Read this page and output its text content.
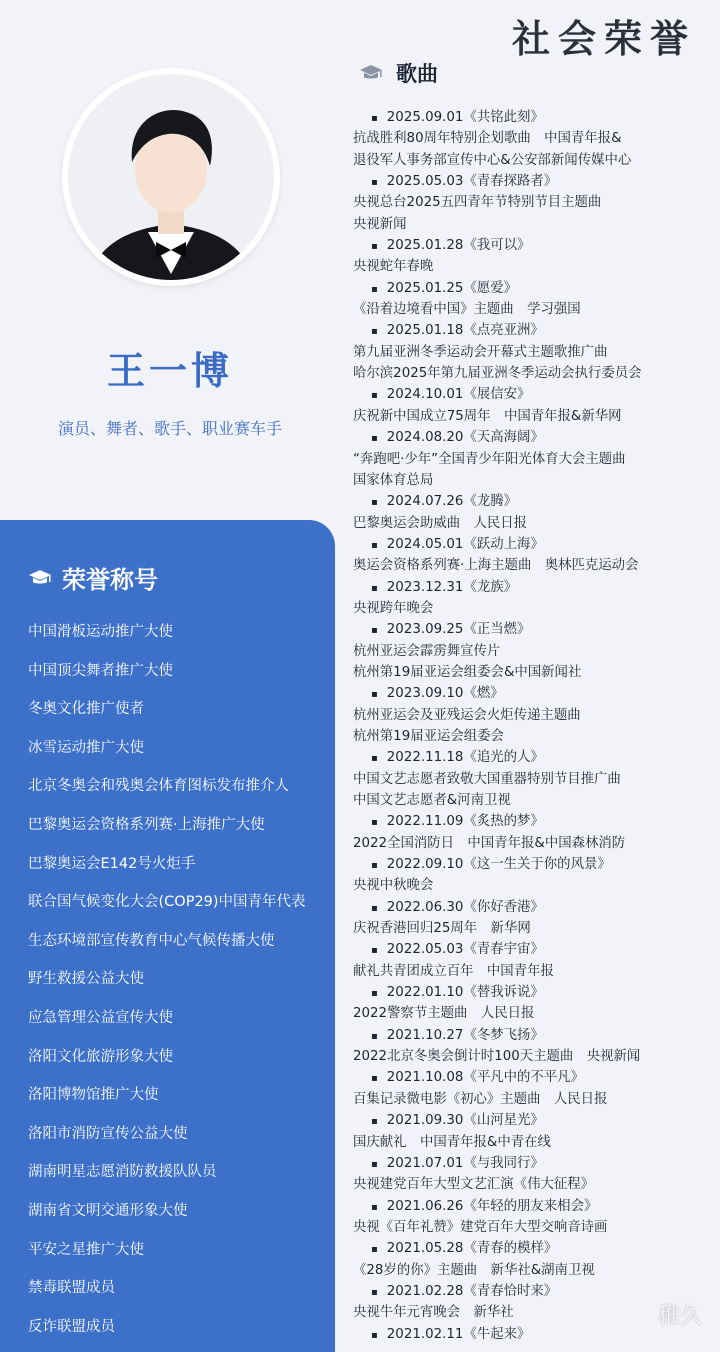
社会荣誉
王一博
演员、舞者、歌手、职业赛车手
荣誉称号
中国滑板运动推广大使
中国顶尖舞者推广大使
冬奥文化推广使者
冰雪运动推广大使
北京冬奥会和残奥会体育图标发布推介人
巴黎奥运会资格系列赛·上海推广大使
巴黎奥运会E142号火炬手
联合国气候变化大会(COP29)中国青年代表
生态环境部宣传教育中心气候传播大使
野生救援公益大使
应急管理公益宣传大使
洛阳文化旅游形象大使
洛阳博物馆推广大使
洛阳市消防宣传公益大使
湖南明星志愿消防救援队队员
湖南省文明交通形象大使
平安之星推广大使
禁毒联盟成员
反诈联盟成员
歌曲
▪ 2025.09.01《共铭此刻》
抗战胜利80周年特别企划歌曲　中国青年报&
退役军人事务部宣传中心&公安部新闻传媒中心
▪ 2025.05.03《青春探路者》
央视总台2025五四青年节特别节目主题曲
央视新闻
▪ 2025.01.28《我可以》
央视蛇年春晚
▪ 2025.01.25《愿爱》
《沿着边境看中国》主题曲　学习强国
▪ 2025.01.18《点亮亚洲》
第九届亚洲冬季运动会开幕式主题歌推广曲
哈尔滨2025年第九届亚洲冬季运动会执行委员会
▪ 2024.10.01《展信安》
庆祝新中国成立75周年　中国青年报&新华网
▪ 2024.08.20《天高海阔》
“奔跑吧·少年”全国青少年阳光体育大会主题曲
国家体育总局
▪ 2024.07.26《龙腾》
巴黎奥运会助威曲　人民日报
▪ 2024.05.01《跃动上海》
奥运会资格系列赛·上海主题曲　奥林匹克运动会
▪ 2023.12.31《龙族》
央视跨年晚会
▪ 2023.09.25《正当燃》
杭州亚运会霹雳舞宣传片
杭州第19届亚运会组委会&中国新闻社
▪ 2023.09.10《燃》
杭州亚运会及亚残运会火炬传递主题曲
杭州第19届亚运会组委会
▪ 2022.11.18《追光的人》
中国文艺志愿者致敬大国重器特别节目推广曲
中国文艺志愿者&河南卫视
▪ 2022.11.09《炙热的梦》
2022全国消防日　中国青年报&中国森林消防
▪ 2022.09.10《这一生关于你的风景》
央视中秋晚会
▪ 2022.06.30《你好香港》
庆祝香港回归25周年　新华网
▪ 2022.05.03《青春宇宙》
献礼共青团成立百年　中国青年报
▪ 2022.01.10《替我诉说》
2022警察节主题曲　人民日报
▪ 2021.10.27《冬梦飞扬》
2022北京冬奥会倒计时100天主题曲　央视新闻
▪ 2021.10.08《平凡中的不平凡》
百集记录微电影《初心》主题曲　人民日报
▪ 2021.09.30《山河星光》
国庆献礼　中国青年报&中青在线
▪ 2021.07.01《与我同行》
央视建党百年大型文艺汇演《伟大征程》
▪ 2021.06.26《年轻的朋友来相会》
央视《百年礼赞》建党百年大型交响音诗画
▪ 2021.05.28《青春的模样》
《28岁的你》主题曲　新华社&湖南卫视
▪ 2021.02.28《青春恰时来》
央视牛年元宵晚会　新华社
▪ 2021.02.11《牛起来》
稚久
